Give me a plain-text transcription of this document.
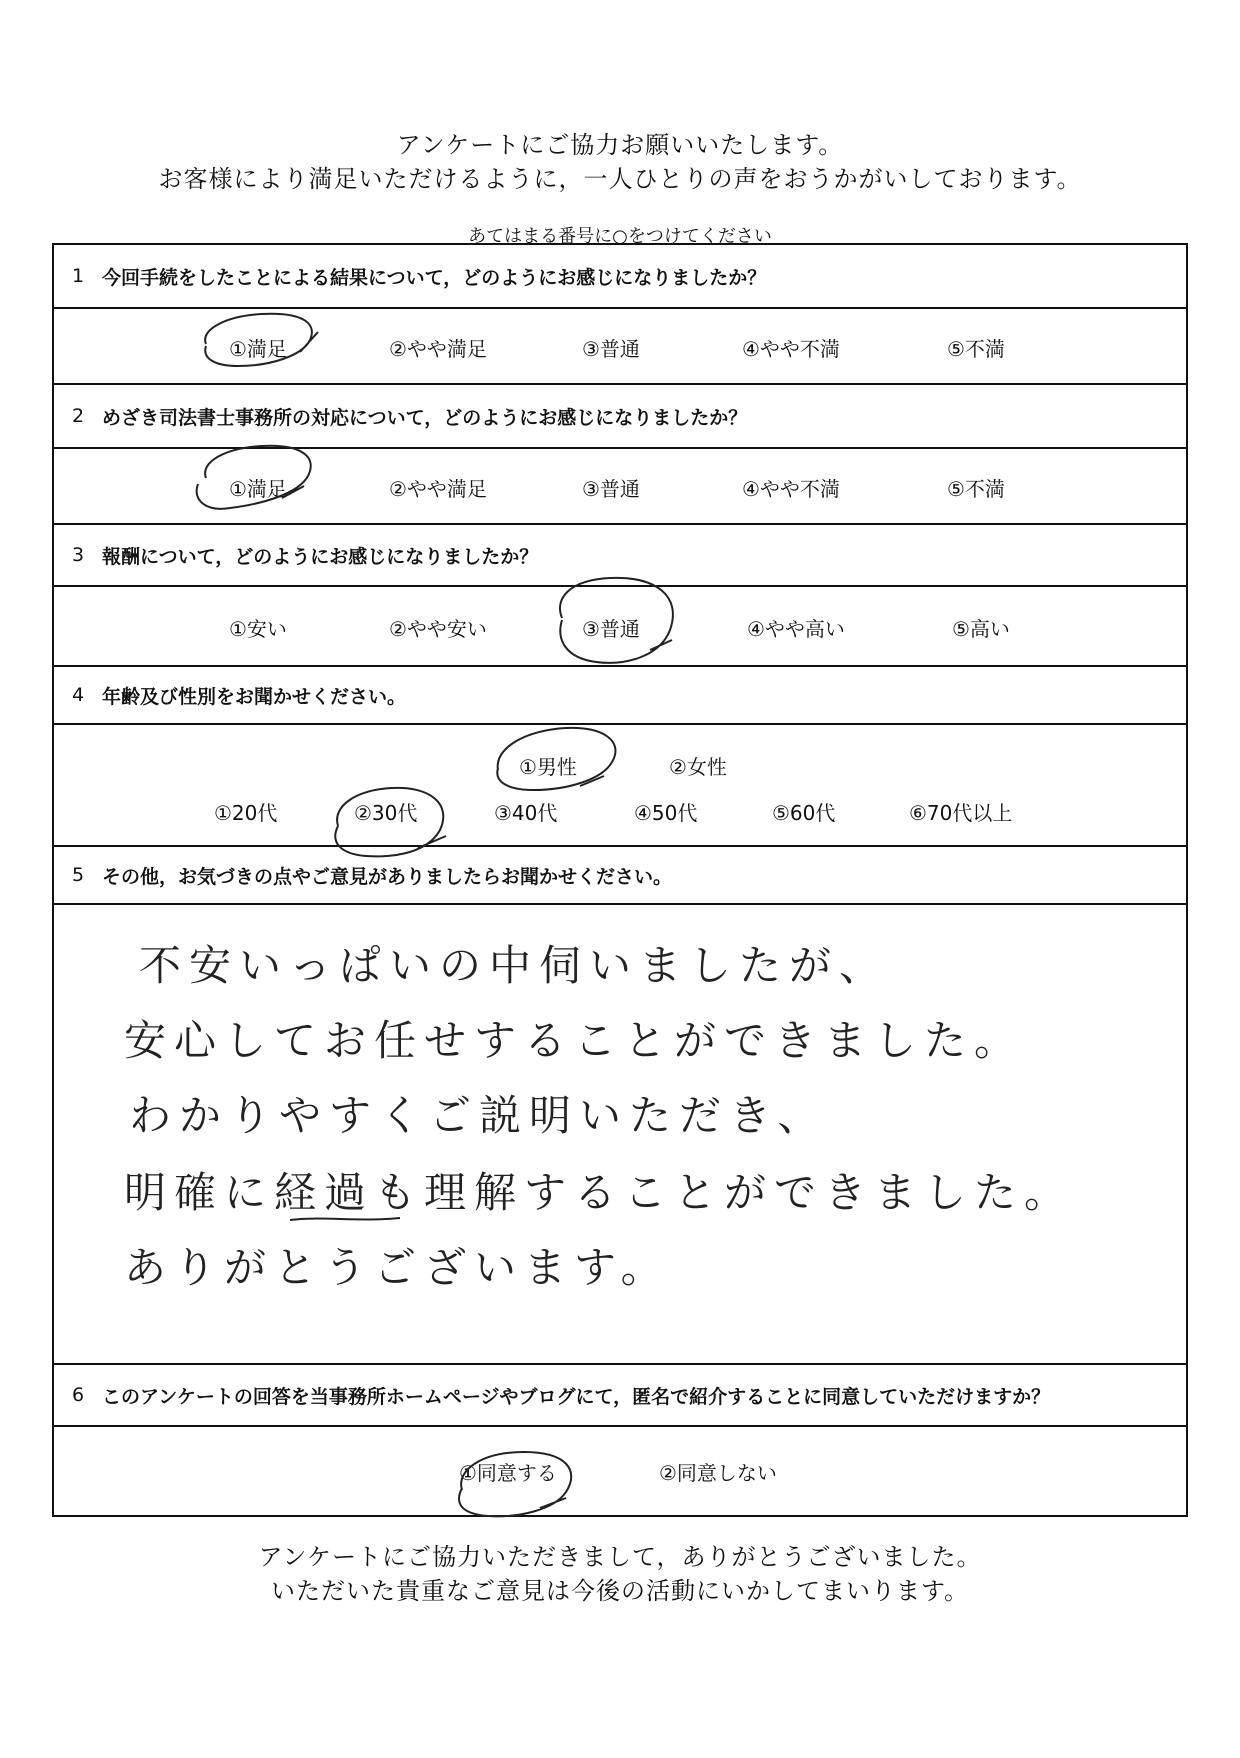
アンケートにご協力お願いいたします。
お客様により満足いただけるように，一人ひとりの声をおうかがいしております。
あてはまる番号に○をつけてください
1 今回手続をしたことによる結果について，どのようにお感じになりましたか？
①満足	②やや満足	③普通	④やや不満	⑤不満
2 めざき司法書士事務所の対応について，どのようにお感じになりましたか？
①満足	②やや満足	③普通	④やや不満	⑤不満
3 報酬について，どのようにお感じになりましたか？
①安い	②やや安い	③普通	④やや高い	⑤高い
4 年齢及び性別をお聞かせください。
①男性	②女性
①20代	②30代	③40代	④50代	⑤60代	⑥70代以上
5 その他，お気づきの点やご意見がありましたらお聞かせください。
不安いっぱいの中伺いましたが、
安心してお任せすることができました。
わかりやすくご説明いただき、
明確に経過も理解することができました。
ありがとうございます。
6 このアンケートの回答を当事務所ホームページやブログにて，匿名で紹介することに同意していただけますか？
①同意する	②同意しない
アンケートにご協力いただきまして，ありがとうございました。
いただいた貴重なご意見は今後の活動にいかしてまいります。
